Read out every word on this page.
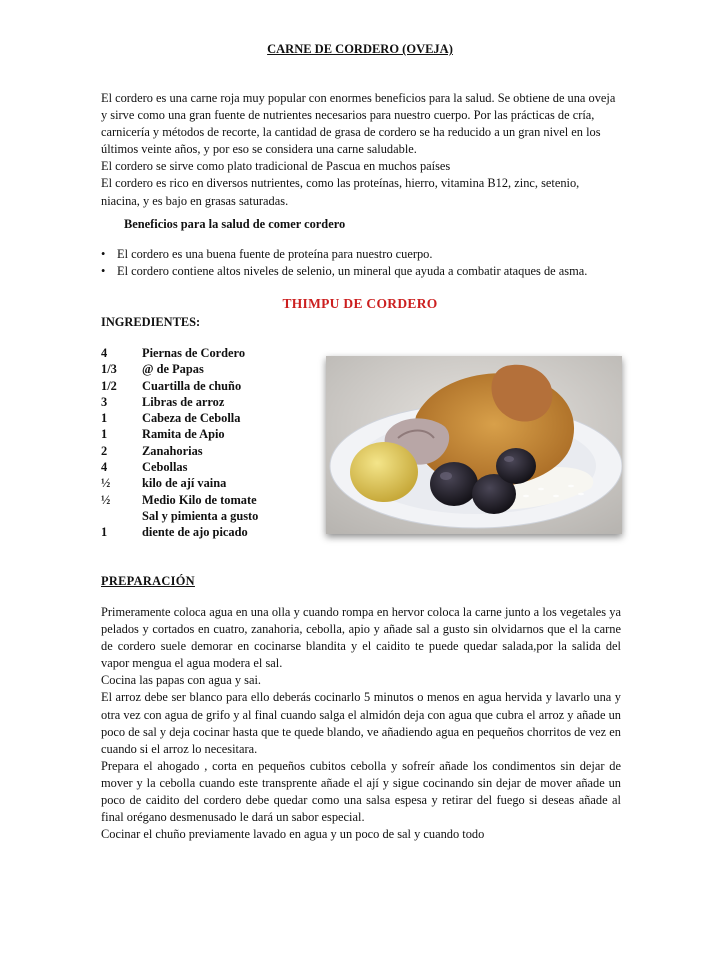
CARNE DE CORDERO (OVEJA)

El cordero es una carne roja muy popular con enormes beneficios para la salud. Se obtiene de una oveja y sirve como una gran fuente de nutrientes necesarios para nuestro cuerpo. Por las prácticas de cría, carnicería y métodos de recorte, la cantidad de grasa de cordero se ha reducido a un gran nivel en los últimos veinte años, y por eso se considera una carne saludable.

El cordero se sirve como plato tradicional de Pascua en muchos países

El cordero es rico en diversos nutrientes, como las proteínas, hierro, vitamina B12, zinc, setenio, niacina, y es bajo en grasas saturadas.

Beneficios para la salud de comer cordero
• El cordero es una buena fuente de proteína para nuestro cuerpo.
• El cordero contiene altos niveles de selenio, un mineral que ayuda a combatir ataques de asma.
THIMPU DE CORDERO
INGREDIENTES:
4	Piernas de Cordero
1/3	@ de Papas
1/2	Cuartilla de chuño
3	Libras de arroz
1	Cabeza de Cebolla
1	Ramita de Apio
2	Zanahorias
4	Cebollas
½	kilo de ají vaina
½	Medio Kilo de tomate
Sal y pimienta a gusto
1	diente de ajo picado
PREPARACIÓN

Primeramente coloca agua en una olla y cuando rompa en hervor coloca la carne junto a los vegetales ya pelados y cortados en cuatro, zanahoria, cebolla, apio y añade sal a gusto sin olvidarnos que el la carne de cordero suele demorar en cocinarse blandita y el caidito te puede quedar salada,por la salida del vapor mengua el agua modera el sal.

Cocina las papas con agua y sai.

El arroz debe ser blanco para ello deberás cocinarlo 5 minutos o menos en agua hervida y lavarlo una y otra vez con agua de grifo y al final cuando salga el almidón deja con agua que cubra el arroz y añade un poco de sal y deja cocinar hasta que te quede blando, ve añadiendo agua en pequeños chorritos de vez en cuando si el arroz lo necesitara.

Prepara el ahogado , corta en pequeños cubitos cebolla y sofreír añade los condimentos sin dejar de mover y la cebolla cuando este transprente añade el ají y sigue cocinando sin dejar de mover añade un poco de caidito del cordero debe quedar como una salsa espesa y retirar del fuego si deseas añade al final orégano desmenusado le dará un sabor especial.

Cocinar el chuño previamente lavado en agua y un poco de sal y cuando todo
